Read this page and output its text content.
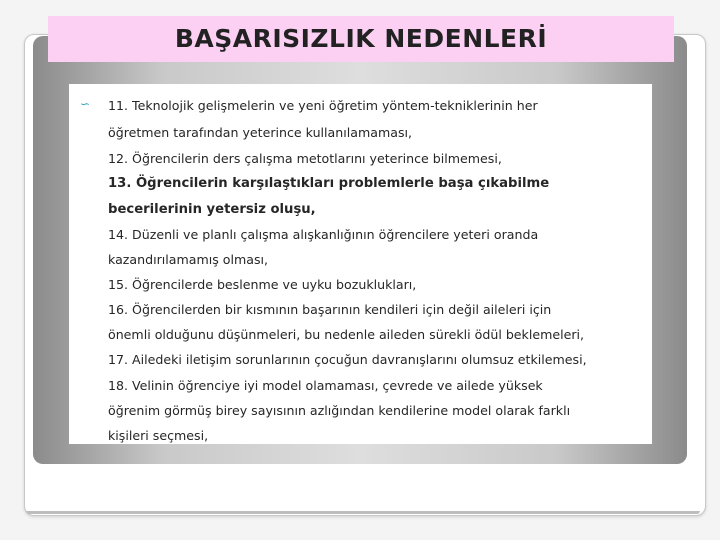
BAŞARISIZLIK NEDENLERİ
∽ 11. Teknolojik gelişmelerin ve yeni öğretim yöntem-tekniklerinin her
öğretmen tarafından yeterince kullanılamaması,
12. Öğrencilerin ders çalışma metotlarını yeterince bilmemesi,
13. Öğrencilerin karşılaştıkları problemlerle başa çıkabilme
becerilerinin yetersiz oluşu,
14. Düzenli ve planlı çalışma alışkanlığının öğrencilere yeteri oranda
kazandırılamamış olması,
15. Öğrencilerde beslenme ve uyku bozuklukları,
16. Öğrencilerden bir kısmının başarının kendileri için değil aileleri için
önemli olduğunu düşünmeleri, bu nedenle aileden sürekli ödül beklemeleri,
17. Ailedeki iletişim sorunlarının çocuğun davranışlarını olumsuz etkilemesi,
18. Velinin öğrenciye iyi model olamaması, çevrede ve ailede yüksek
öğrenim görmüş birey sayısının azlığından kendilerine model olarak farklı
kişileri seçmesi,
